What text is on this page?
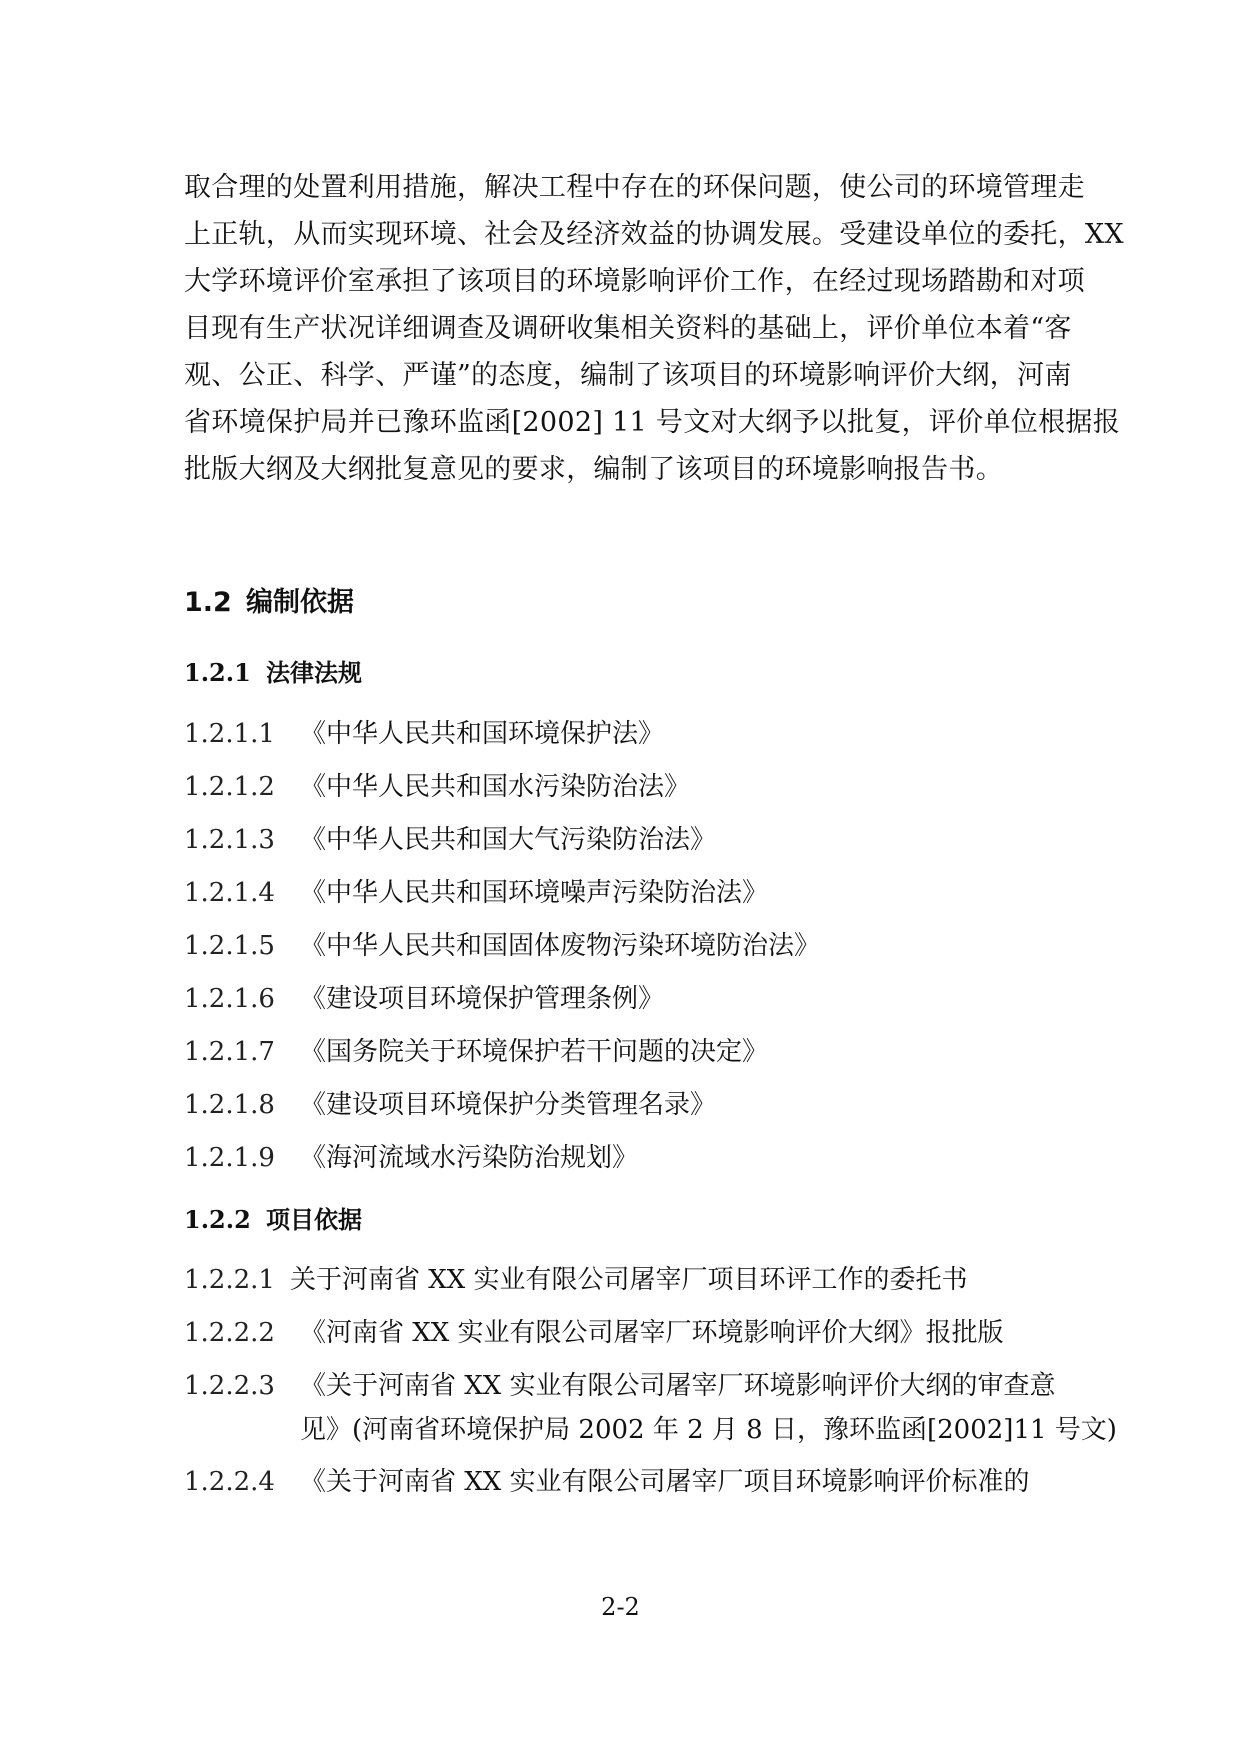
取合理的处置利用措施，解决工程中存在的环保问题，使公司的环境管理走
上正轨，从而实现环境、社会及经济效益的协调发展。受建设单位的委托，XX
大学环境评价室承担了该项目的环境影响评价工作，在经过现场踏勘和对项
目现有生产状况详细调查及调研收集相关资料的基础上，评价单位本着“客
观、公正、科学、严谨”的态度，编制了该项目的环境影响评价大纲，河南
省环境保护局并已豫环监函[2002] 11 号文对大纲予以批复，评价单位根据报
批版大纲及大纲批复意见的要求，编制了该项目的环境影响报告书。
1.2 编制依据
1.2.1 法律法规
1.2.1.1 《中华人民共和国环境保护法》
1.2.1.2 《中华人民共和国水污染防治法》
1.2.1.3 《中华人民共和国大气污染防治法》
1.2.1.4 《中华人民共和国环境噪声污染防治法》
1.2.1.5 《中华人民共和国固体废物污染环境防治法》
1.2.1.6 《建设项目环境保护管理条例》
1.2.1.7 《国务院关于环境保护若干问题的决定》
1.2.1.8 《建设项目环境保护分类管理名录》
1.2.1.9 《海河流域水污染防治规划》
1.2.2 项目依据
1.2.2.1 关于河南省 XX 实业有限公司屠宰厂项目环评工作的委托书
1.2.2.2 《河南省 XX 实业有限公司屠宰厂环境影响评价大纲》报批版
1.2.2.3 《关于河南省 XX 实业有限公司屠宰厂环境影响评价大纲的审查意
见》(河南省环境保护局 2002 年 2 月 8 日，豫环监函[2002]11 号文)
1.2.2.4 《关于河南省 XX 实业有限公司屠宰厂项目环境影响评价标准的
2-2
